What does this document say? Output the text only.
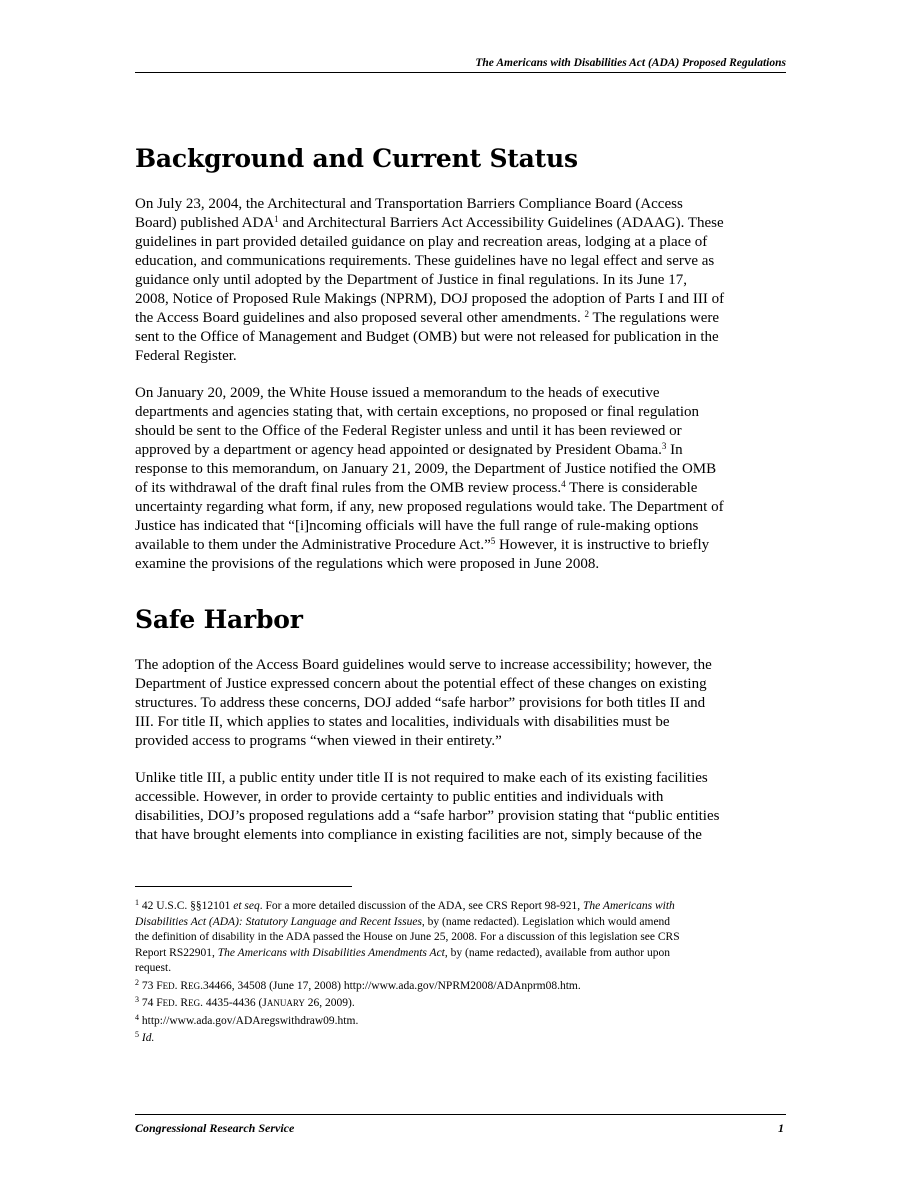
The Americans with Disabilities Act (ADA) Proposed Regulations
Background and Current Status
On July 23, 2004, the Architectural and Transportation Barriers Compliance Board (Access
Board) published ADA$^1$ and Architectural Barriers Act Accessibility Guidelines (ADAAG). These
guidelines in part provided detailed guidance on play and recreation areas, lodging at a place of
education, and communications requirements. These guidelines have no legal effect and serve as
guidance only until adopted by the Department of Justice in final regulations. In its June 17,
2008, Notice of Proposed Rule Makings (NPRM), DOJ proposed the adoption of Parts I and III of
the Access Board guidelines and also proposed several other amendments. $^2$ The regulations were
sent to the Office of Management and Budget (OMB) but were not released for publication in the
Federal Register.
On January 20, 2009, the White House issued a memorandum to the heads of executive
departments and agencies stating that, with certain exceptions, no proposed or final regulation
should be sent to the Office of the Federal Register unless and until it has been reviewed or
approved by a department or agency head appointed or designated by President Obama.$^3$ In
response to this memorandum, on January 21, 2009, the Department of Justice notified the OMB
of its withdrawal of the draft final rules from the OMB review process.$^4$ There is considerable
uncertainty regarding what form, if any, new proposed regulations would take. The Department of
Justice has indicated that “[i]ncoming officials will have the full range of rule-making options
available to them under the Administrative Procedure Act.”$^5$ However, it is instructive to briefly
examine the provisions of the regulations which were proposed in June 2008.
Safe Harbor
The adoption of the Access Board guidelines would serve to increase accessibility; however, the
Department of Justice expressed concern about the potential effect of these changes on existing
structures. To address these concerns, DOJ added “safe harbor” provisions for both titles II and
III. For title II, which applies to states and localities, individuals with disabilities must be
provided access to programs “when viewed in their entirety.”
Unlike title III, a public entity under title II is not required to make each of its existing facilities
accessible. However, in order to provide certainty to public entities and individuals with
disabilities, DOJ’s proposed regulations add a “safe harbor” provision stating that “public entities
that have brought elements into compliance in existing facilities are not, simply because of the
$^1$ 42 U.S.C. §§12101 et seq. For a more detailed discussion of the ADA, see CRS Report 98-921, The Americans with
Disabilities Act (ADA): Statutory Language and Recent Issues, by (name redacted). Legislation which would amend
the definition of disability in the ADA passed the House on June 25, 2008. For a discussion of this legislation see CRS
Report RS22901, The Americans with Disabilities Amendments Act, by (name redacted), available from author upon
request.
$^2$ 73 FED. REG.34466, 34508 (June 17, 2008) http://www.ada.gov/NPRM2008/ADAnprm08.htm.
$^3$ 74 FED. REG. 4435-4436 (JANUARY 26, 2009).
$^4$ http://www.ada.gov/ADAregswithdraw09.htm.
$^5$ Id.
Congressional Research Service	1
